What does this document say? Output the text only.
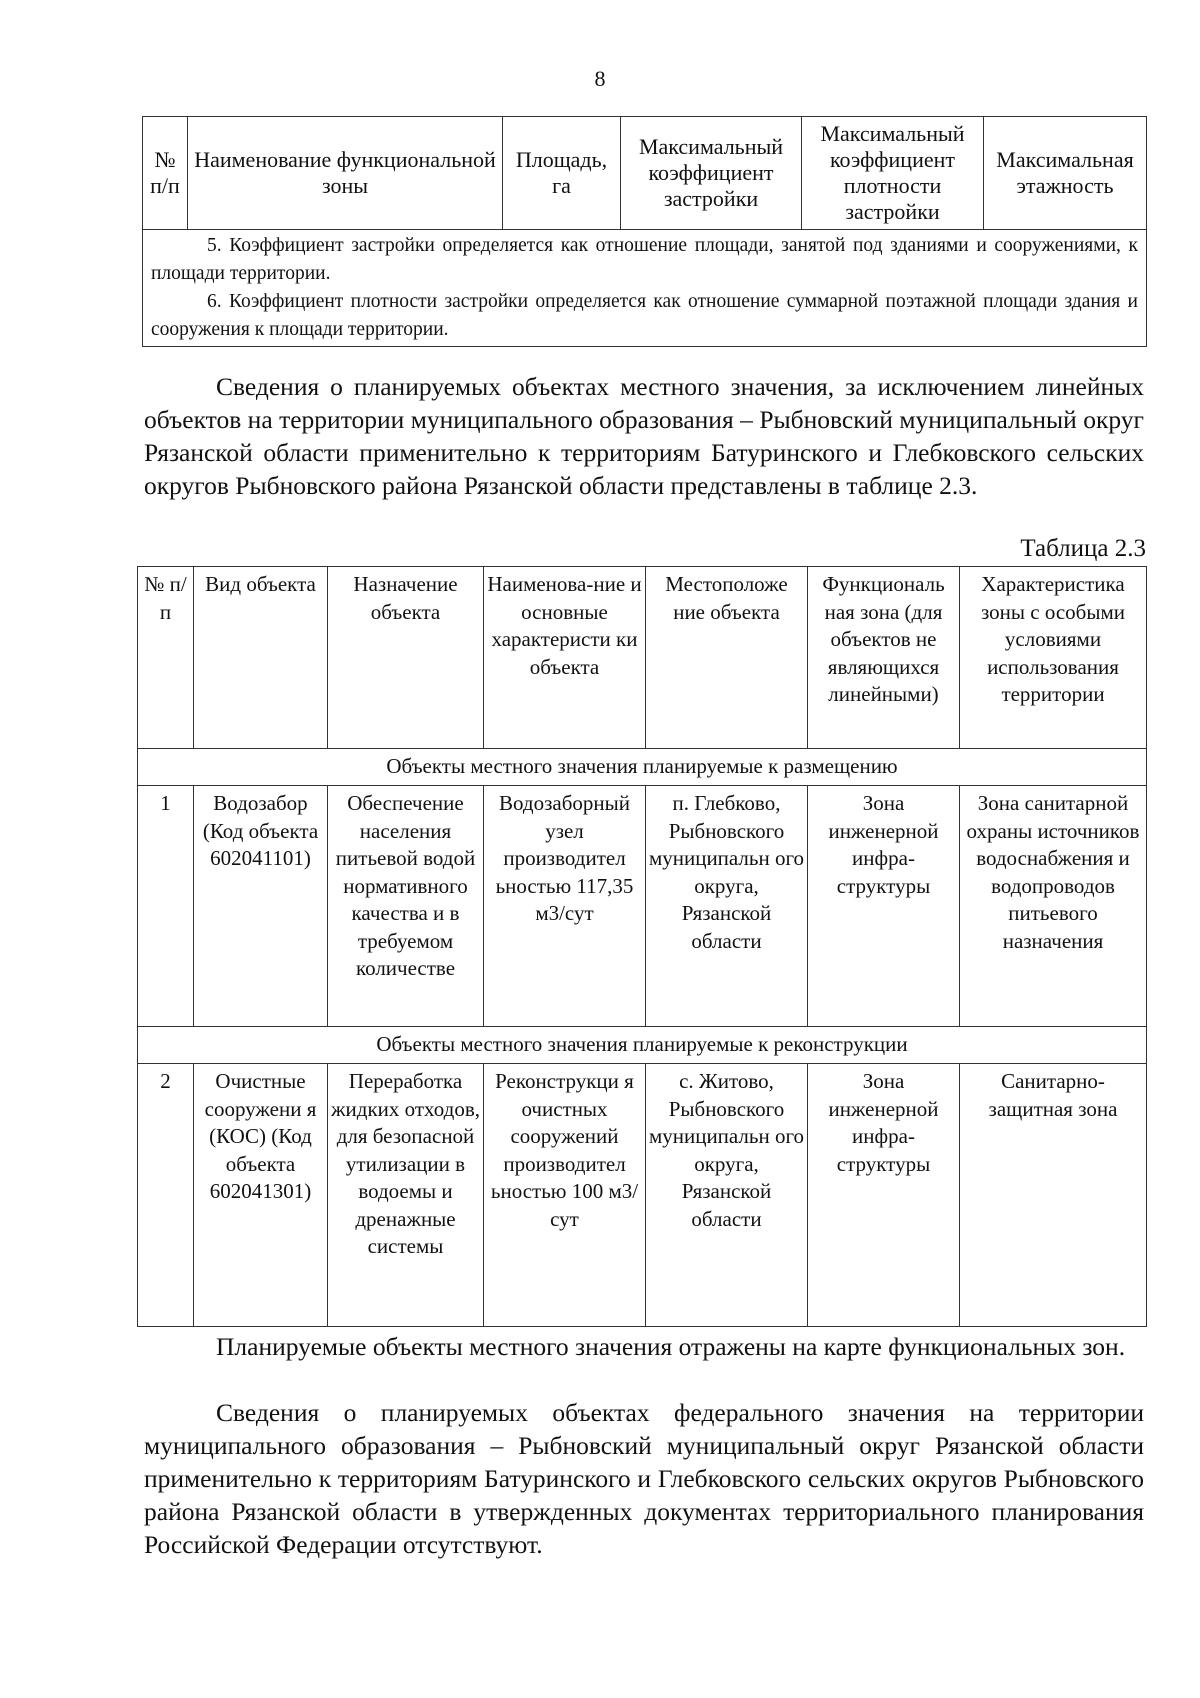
8
№ п/п	Наименование функциональной зоны	Площадь, га	Максимальный коэффициент застройки	Максимальный коэффициент плотности застройки	Максимальная этажность

5. Коэффициент застройки определяется как отношение площади, занятой под зданиями и сооружениями, к площади территории.

6. Коэффициент плотности застройки определяется как отношение суммарной поэтажной площади здания и сооружения к площади территории.

Сведения о планируемых объектах местного значения, за исключением линейных объектов на территории муниципального образования – Рыбновский муниципальный округ Рязанской области применительно к территориям Батуринского и Глебковского сельских округов Рыбновского района Рязанской области представлены в таблице 2.3.

Таблица 2.3
№ п/п	Вид объекта	Назначение объекта	Наименова-ние и основные характеристи ки объекта	Местоположе ние объекта	Функциональ ная зона (для объектов не являющихся линейными)	Характеристика зоны с особыми условиями использования территории
Объекты местного значения планируемые к размещению						
1	Водозабор (Код объекта 602041101)	Обеспечение населения питьевой водой нормативного качества и в требуемом количестве	Водозаборный узел производител ьностью 117,35 м3/сут	п. Глебково, Рыбновского муниципальн ого округа, Рязанской области	Зона инженерной инфра-структуры	Зона санитарной охраны источников водоснабжения и водопроводов питьевого назначения
Объекты местного значения планируемые к реконструкции						
2	Очистные сооружени я (КОС) (Код объекта 602041301)	Переработка жидких отходов, для безопасной утилизации в водоемы и дренажные системы	Реконструкци я очистных сооружений производител ьностью 100 м3/сут	с. Житово, Рыбновского муниципальн ого округа, Рязанской области	Зона инженерной инфра-структуры	Санитарно-защитная зона

Планируемые объекты местного значения отражены на карте функциональных зон.

Сведения о планируемых объектах федерального значения на территории муниципального образования – Рыбновский муниципальный округ Рязанской области применительно к территориям Батуринского и Глебковского сельских округов Рыбновского района Рязанской области в утвержденных документах территориального планирования Российской Федерации отсутствуют.
